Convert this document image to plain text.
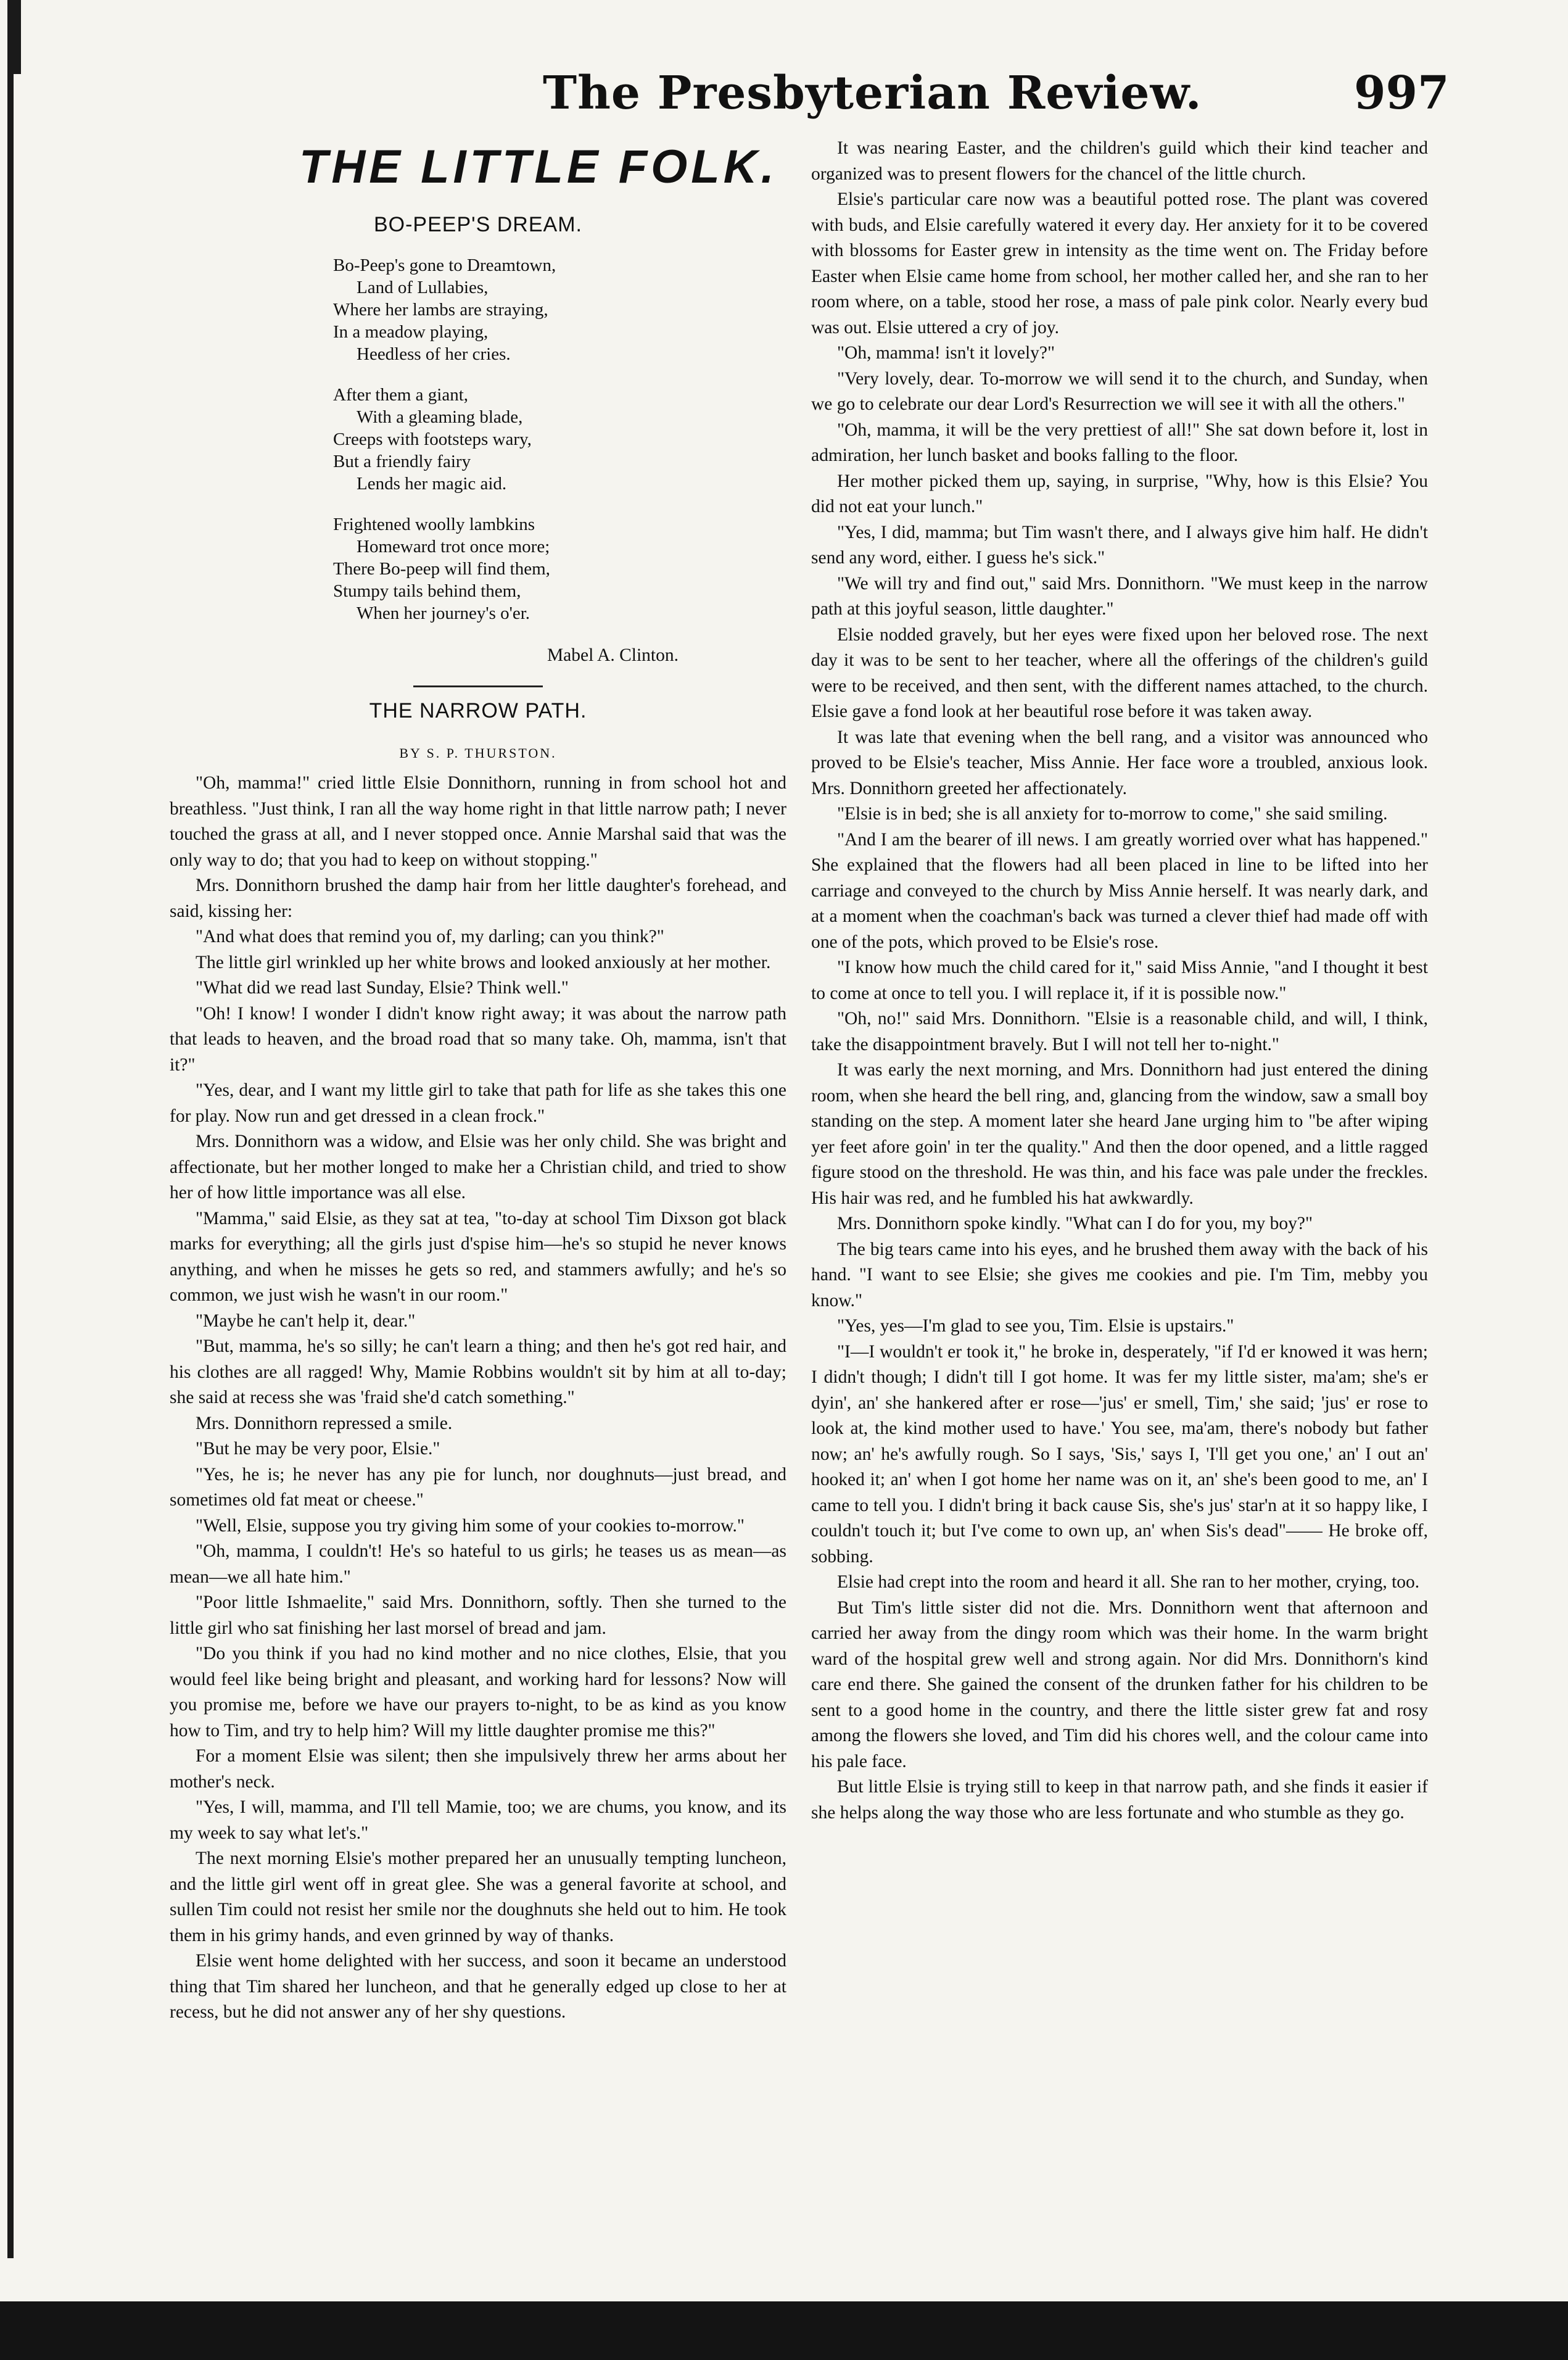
The Presbyterian Review.	997
THE LITTLE FOLK.
BO-PEEP'S DREAM.
Bo-Peep's gone to Dreamtown,
Land of Lullabies,
Where her lambs are straying,
In a meadow playing,
Heedless of her cries.
After them a giant,
With a gleaming blade,
Creeps with footsteps wary,
But a friendly fairy
Lends her magic aid.
Frightened woolly lambkins
Homeward trot once more;
There Bo-peep will find them,
Stumpy tails behind them,
When her journey's o'er.
Mabel A. Clinton.
THE NARROW PATH.
BY S. P. THURSTON.

"Oh, mamma!" cried little Elsie Donnithorn, running in from school hot and breathless. "Just think, I ran all the way home right in that little narrow path; I never touched the grass at all, and I never stopped once. Annie Marshal said that was the only way to do; that you had to keep on without stopping."

Mrs. Donnithorn brushed the damp hair from her little daughter's forehead, and said, kissing her:

"And what does that remind you of, my darling; can you think?"

The little girl wrinkled up her white brows and looked anxiously at her mother.

"What did we read last Sunday, Elsie? Think well."

"Oh! I know! I wonder I didn't know right away; it was about the narrow path that leads to heaven, and the broad road that so many take. Oh, mamma, isn't that it?"

"Yes, dear, and I want my little girl to take that path for life as she takes this one for play. Now run and get dressed in a clean frock."

Mrs. Donnithorn was a widow, and Elsie was her only child. She was bright and affectionate, but her mother longed to make her a Christian child, and tried to show her of how little importance was all else.

"Mamma," said Elsie, as they sat at tea, "to-day at school Tim Dixson got black marks for everything; all the girls just d'spise him—he's so stupid he never knows anything, and when he misses he gets so red, and stammers awfully; and he's so common, we just wish he wasn't in our room."

"Maybe he can't help it, dear."

"But, mamma, he's so silly; he can't learn a thing; and then he's got red hair, and his clothes are all ragged! Why, Mamie Robbins wouldn't sit by him at all to-day; she said at recess she was 'fraid she'd catch something."

Mrs. Donnithorn repressed a smile.

"But he may be very poor, Elsie."

"Yes, he is; he never has any pie for lunch, nor doughnuts—just bread, and sometimes old fat meat or cheese."

"Well, Elsie, suppose you try giving him some of your cookies to-morrow."

"Oh, mamma, I couldn't! He's so hateful to us girls; he teases us as mean—as mean—we all hate him."

"Poor little Ishmaelite," said Mrs. Donnithorn, softly. Then she turned to the little girl who sat finishing her last morsel of bread and jam.

"Do you think if you had no kind mother and no nice clothes, Elsie, that you would feel like being bright and pleasant, and working hard for lessons? Now will you promise me, before we have our prayers to-night, to be as kind as you know how to Tim, and try to help him? Will my little daughter promise me this?"

For a moment Elsie was silent; then she impulsively threw her arms about her mother's neck.

"Yes, I will, mamma, and I'll tell Mamie, too; we are chums, you know, and its my week to say what let's."

The next morning Elsie's mother prepared her an unusually tempting luncheon, and the little girl went off in great glee. She was a general favorite at school, and sullen Tim could not resist her smile nor the doughnuts she held out to him. He took them in his grimy hands, and even grinned by way of thanks.

Elsie went home delighted with her success, and soon it became an understood thing that Tim shared her luncheon, and that he generally edged up close to her at recess, but he did not answer any of her shy questions.

It was nearing Easter, and the children's guild which their kind teacher and organized was to present flowers for the chancel of the little church.

Elsie's particular care now was a beautiful potted rose. The plant was covered with buds, and Elsie carefully watered it every day. Her anxiety for it to be covered with blossoms for Easter grew in intensity as the time went on. The Friday before Easter when Elsie came home from school, her mother called her, and she ran to her room where, on a table, stood her rose, a mass of pale pink color. Nearly every bud was out. Elsie uttered a cry of joy.

"Oh, mamma! isn't it lovely?"

"Very lovely, dear. To-morrow we will send it to the church, and Sunday, when we go to celebrate our dear Lord's Resurrection we will see it with all the others."

"Oh, mamma, it will be the very prettiest of all!" She sat down before it, lost in admiration, her lunch basket and books falling to the floor.

Her mother picked them up, saying, in surprise, "Why, how is this Elsie? You did not eat your lunch."

"Yes, I did, mamma; but Tim wasn't there, and I always give him half. He didn't send any word, either. I guess he's sick."

"We will try and find out," said Mrs. Donnithorn. "We must keep in the narrow path at this joyful season, little daughter."

Elsie nodded gravely, but her eyes were fixed upon her beloved rose. The next day it was to be sent to her teacher, where all the offerings of the children's guild were to be received, and then sent, with the different names attached, to the church. Elsie gave a fond look at her beautiful rose before it was taken away.

It was late that evening when the bell rang, and a visitor was announced who proved to be Elsie's teacher, Miss Annie. Her face wore a troubled, anxious look. Mrs. Donnithorn greeted her affectionately.

"Elsie is in bed; she is all anxiety for to-morrow to come," she said smiling.

"And I am the bearer of ill news. I am greatly worried over what has happened." She explained that the flowers had all been placed in line to be lifted into her carriage and conveyed to the church by Miss Annie herself. It was nearly dark, and at a moment when the coachman's back was turned a clever thief had made off with one of the pots, which proved to be Elsie's rose.

"I know how much the child cared for it," said Miss Annie, "and I thought it best to come at once to tell you. I will replace it, if it is possible now."

"Oh, no!" said Mrs. Donnithorn. "Elsie is a reasonable child, and will, I think, take the disappointment bravely. But I will not tell her to-night."

It was early the next morning, and Mrs. Donnithorn had just entered the dining room, when she heard the bell ring, and, glancing from the window, saw a small boy standing on the step. A moment later she heard Jane urging him to "be after wiping yer feet afore goin' in ter the quality." And then the door opened, and a little ragged figure stood on the threshold. He was thin, and his face was pale under the freckles. His hair was red, and he fumbled his hat awkwardly.

Mrs. Donnithorn spoke kindly. "What can I do for you, my boy?"

The big tears came into his eyes, and he brushed them away with the back of his hand. "I want to see Elsie; she gives me cookies and pie. I'm Tim, mebby you know."

"Yes, yes—I'm glad to see you, Tim. Elsie is upstairs."

"I—I wouldn't er took it," he broke in, desperately, "if I'd er knowed it was hern; I didn't though; I didn't till I got home. It was fer my little sister, ma'am; she's er dyin', an' she hankered after er rose—'jus' er smell, Tim,' she said; 'jus' er rose to look at, the kind mother used to have.' You see, ma'am, there's nobody but father now; an' he's awfully rough. So I says, 'Sis,' says I, 'I'll get you one,' an' I out an' hooked it; an' when I got home her name was on it, an' she's been good to me, an' I came to tell you. I didn't bring it back cause Sis, she's jus' star'n at it so happy like, I couldn't touch it; but I've come to own up, an' when Sis's dead"—— He broke off, sobbing.

Elsie had crept into the room and heard it all. She ran to her mother, crying, too.

But Tim's little sister did not die. Mrs. Donnithorn went that afternoon and carried her away from the dingy room which was their home. In the warm bright ward of the hospital grew well and strong again. Nor did Mrs. Donnithorn's kind care end there. She gained the consent of the drunken father for his children to be sent to a good home in the country, and there the little sister grew fat and rosy among the flowers she loved, and Tim did his chores well, and the colour came into his pale face.

But little Elsie is trying still to keep in that narrow path, and she finds it easier if she helps along the way those who are less fortunate and who stumble as they go.
